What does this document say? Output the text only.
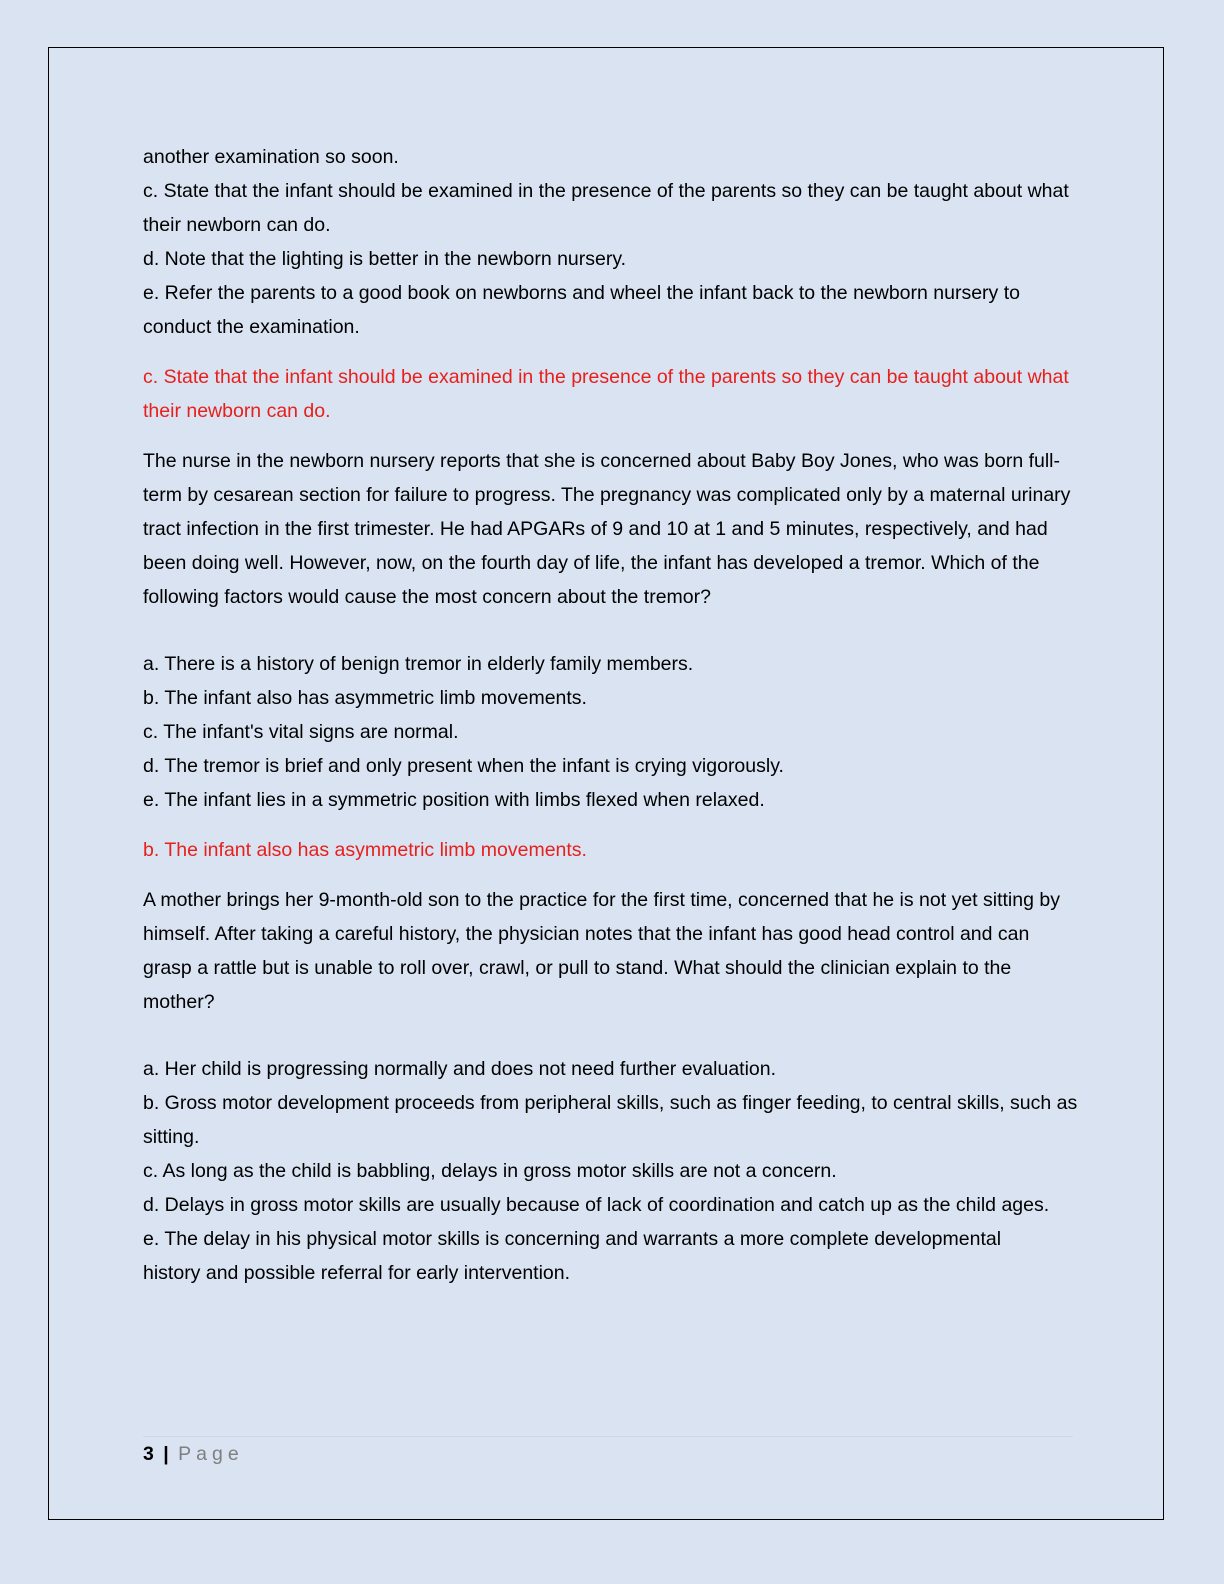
another examination so soon.

c. State that the infant should be examined in the presence of the parents so they can be taught about what their newborn can do.

d. Note that the lighting is better in the newborn nursery.

e. Refer the parents to a good book on newborns and wheel the infant back to the newborn nursery to conduct the examination.

c. State that the infant should be examined in the presence of the parents so they can be taught about what their newborn can do.

The nurse in the newborn nursery reports that she is concerned about Baby Boy Jones, who was born full-term by cesarean section for failure to progress. The pregnancy was complicated only by a maternal urinary tract infection in the first trimester. He had APGARs of 9 and 10 at 1 and 5 minutes, respectively, and had been doing well. However, now, on the fourth day of life, the infant has developed a tremor. Which of the following factors would cause the most concern about the tremor?

a. There is a history of benign tremor in elderly family members.

b. The infant also has asymmetric limb movements.

c. The infant's vital signs are normal.

d. The tremor is brief and only present when the infant is crying vigorously.

e. The infant lies in a symmetric position with limbs flexed when relaxed.

b. The infant also has asymmetric limb movements.

A mother brings her 9-month-old son to the practice for the first time, concerned that he is not yet sitting by himself. After taking a careful history, the physician notes that the infant has good head control and can grasp a rattle but is unable to roll over, crawl, or pull to stand. What should the clinician explain to the mother?

a. Her child is progressing normally and does not need further evaluation.

b. Gross motor development proceeds from peripheral skills, such as finger feeding, to central skills, such as sitting.

c. As long as the child is babbling, delays in gross motor skills are not a concern.

d. Delays in gross motor skills are usually because of lack of coordination and catch up as the child ages.

e. The delay in his physical motor skills is concerning and warrants a more complete developmental

history and possible referral for early intervention.

3 | Page
